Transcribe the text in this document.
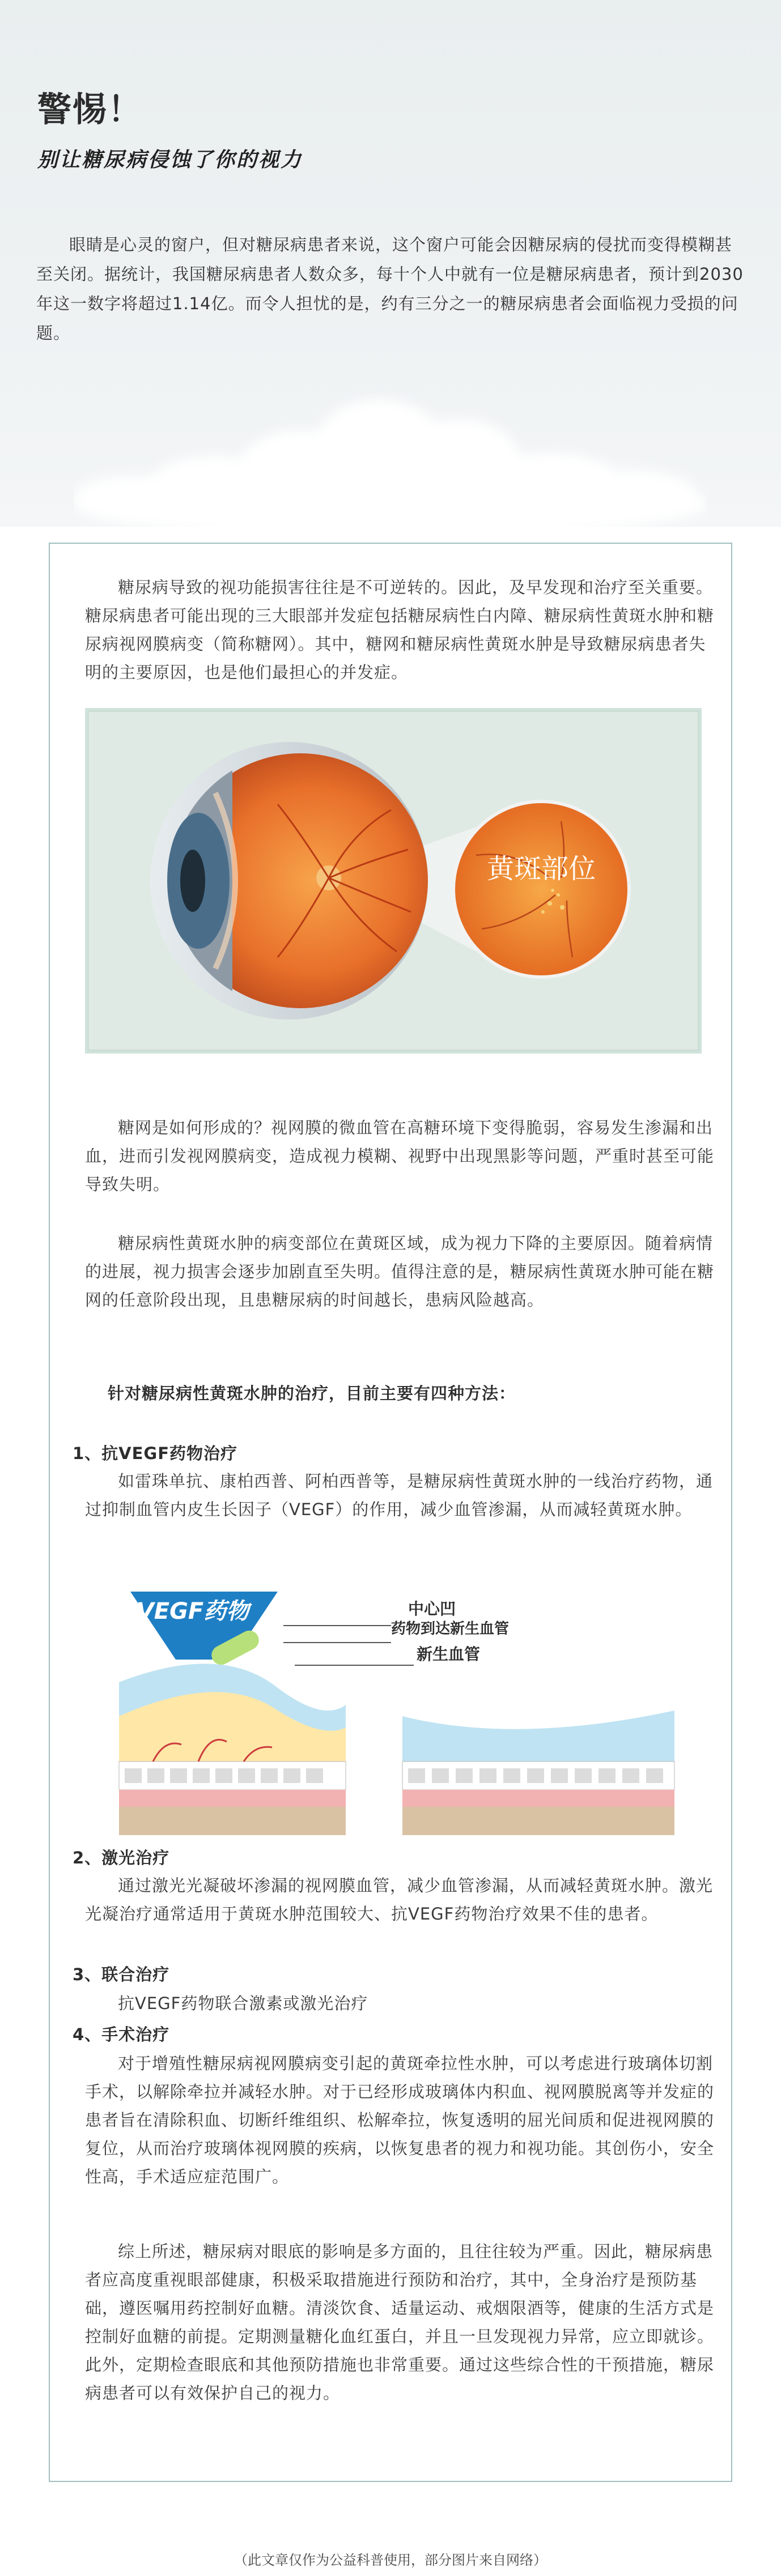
警惕！
别让糖尿病侵蚀了你的视力

眼睛是心灵的窗户，但对糖尿病患者来说，这个窗户可能会因糖尿病的侵扰而变得模糊甚至关闭。据统计，我国糖尿病患者人数众多，每十个人中就有一位是糖尿病患者，预计到2030年这一数字将超过1.14亿。而令人担忧的是，约有三分之一的糖尿病患者会面临视力受损的问题。

糖尿病导致的视功能损害往往是不可逆转的。因此，及早发现和治疗至关重要。糖尿病患者可能出现的三大眼部并发症包括糖尿病性白内障、糖尿病性黄斑水肿和糖尿病视网膜病变（简称糖网）。其中，糖网和糖尿病性黄斑水肿是导致糖尿病患者失明的主要原因，也是他们最担心的并发症。

黄斑部位

糖网是如何形成的？视网膜的微血管在高糖环境下变得脆弱，容易发生渗漏和出血，进而引发视网膜病变，造成视力模糊、视野中出现黑影等问题，严重时甚至可能导致失明。

糖尿病性黄斑水肿的病变部位在黄斑区域，成为视力下降的主要原因。随着病情的进展，视力损害会逐步加剧直至失明。值得注意的是，糖尿病性黄斑水肿可能在糖网的任意阶段出现，且患糖尿病的时间越长，患病风险越高。

针对糖尿病性黄斑水肿的治疗，目前主要有四种方法：
1、抗VEGF药物治疗

如雷珠单抗、康柏西普、阿柏西普等，是糖尿病性黄斑水肿的一线治疗药物，通过抑制血管内皮生长因子（VEGF）的作用，减少血管渗漏，从而减轻黄斑水肿。

VEGF药物	中心凹
药物到达新生血管
新生血管
2、激光治疗

通过激光光凝破坏渗漏的视网膜血管，减少血管渗漏，从而减轻黄斑水肿。激光光凝治疗通常适用于黄斑水肿范围较大、抗VEGF药物治疗效果不佳的患者。

3、联合治疗

抗VEGF药物联合激素或激光治疗

4、手术治疗

对于增殖性糖尿病视网膜病变引起的黄斑牵拉性水肿，可以考虑进行玻璃体切割手术，以解除牵拉并减轻水肿。对于已经形成玻璃体内积血、视网膜脱离等并发症的患者旨在清除积血、切断纤维组织、松解牵拉，恢复透明的屈光间质和促进视网膜的复位，从而治疗玻璃体视网膜的疾病，以恢复患者的视力和视功能。其创伤小，安全性高，手术适应症范围广。

综上所述，糖尿病对眼底的影响是多方面的，且往往较为严重。因此，糖尿病患者应高度重视眼部健康，积极采取措施进行预防和治疗，其中，全身治疗是预防基础，遵医嘱用药控制好血糖。清淡饮食、适量运动、戒烟限酒等，健康的生活方式是控制好血糖的前提。定期测量糖化血红蛋白，并且一旦发现视力异常，应立即就诊。此外，定期检查眼底和其他预防措施也非常重要。通过这些综合性的干预措施，糖尿病患者可以有效保护自己的视力。

（此文章仅作为公益科普使用，部分图片来自网络）
